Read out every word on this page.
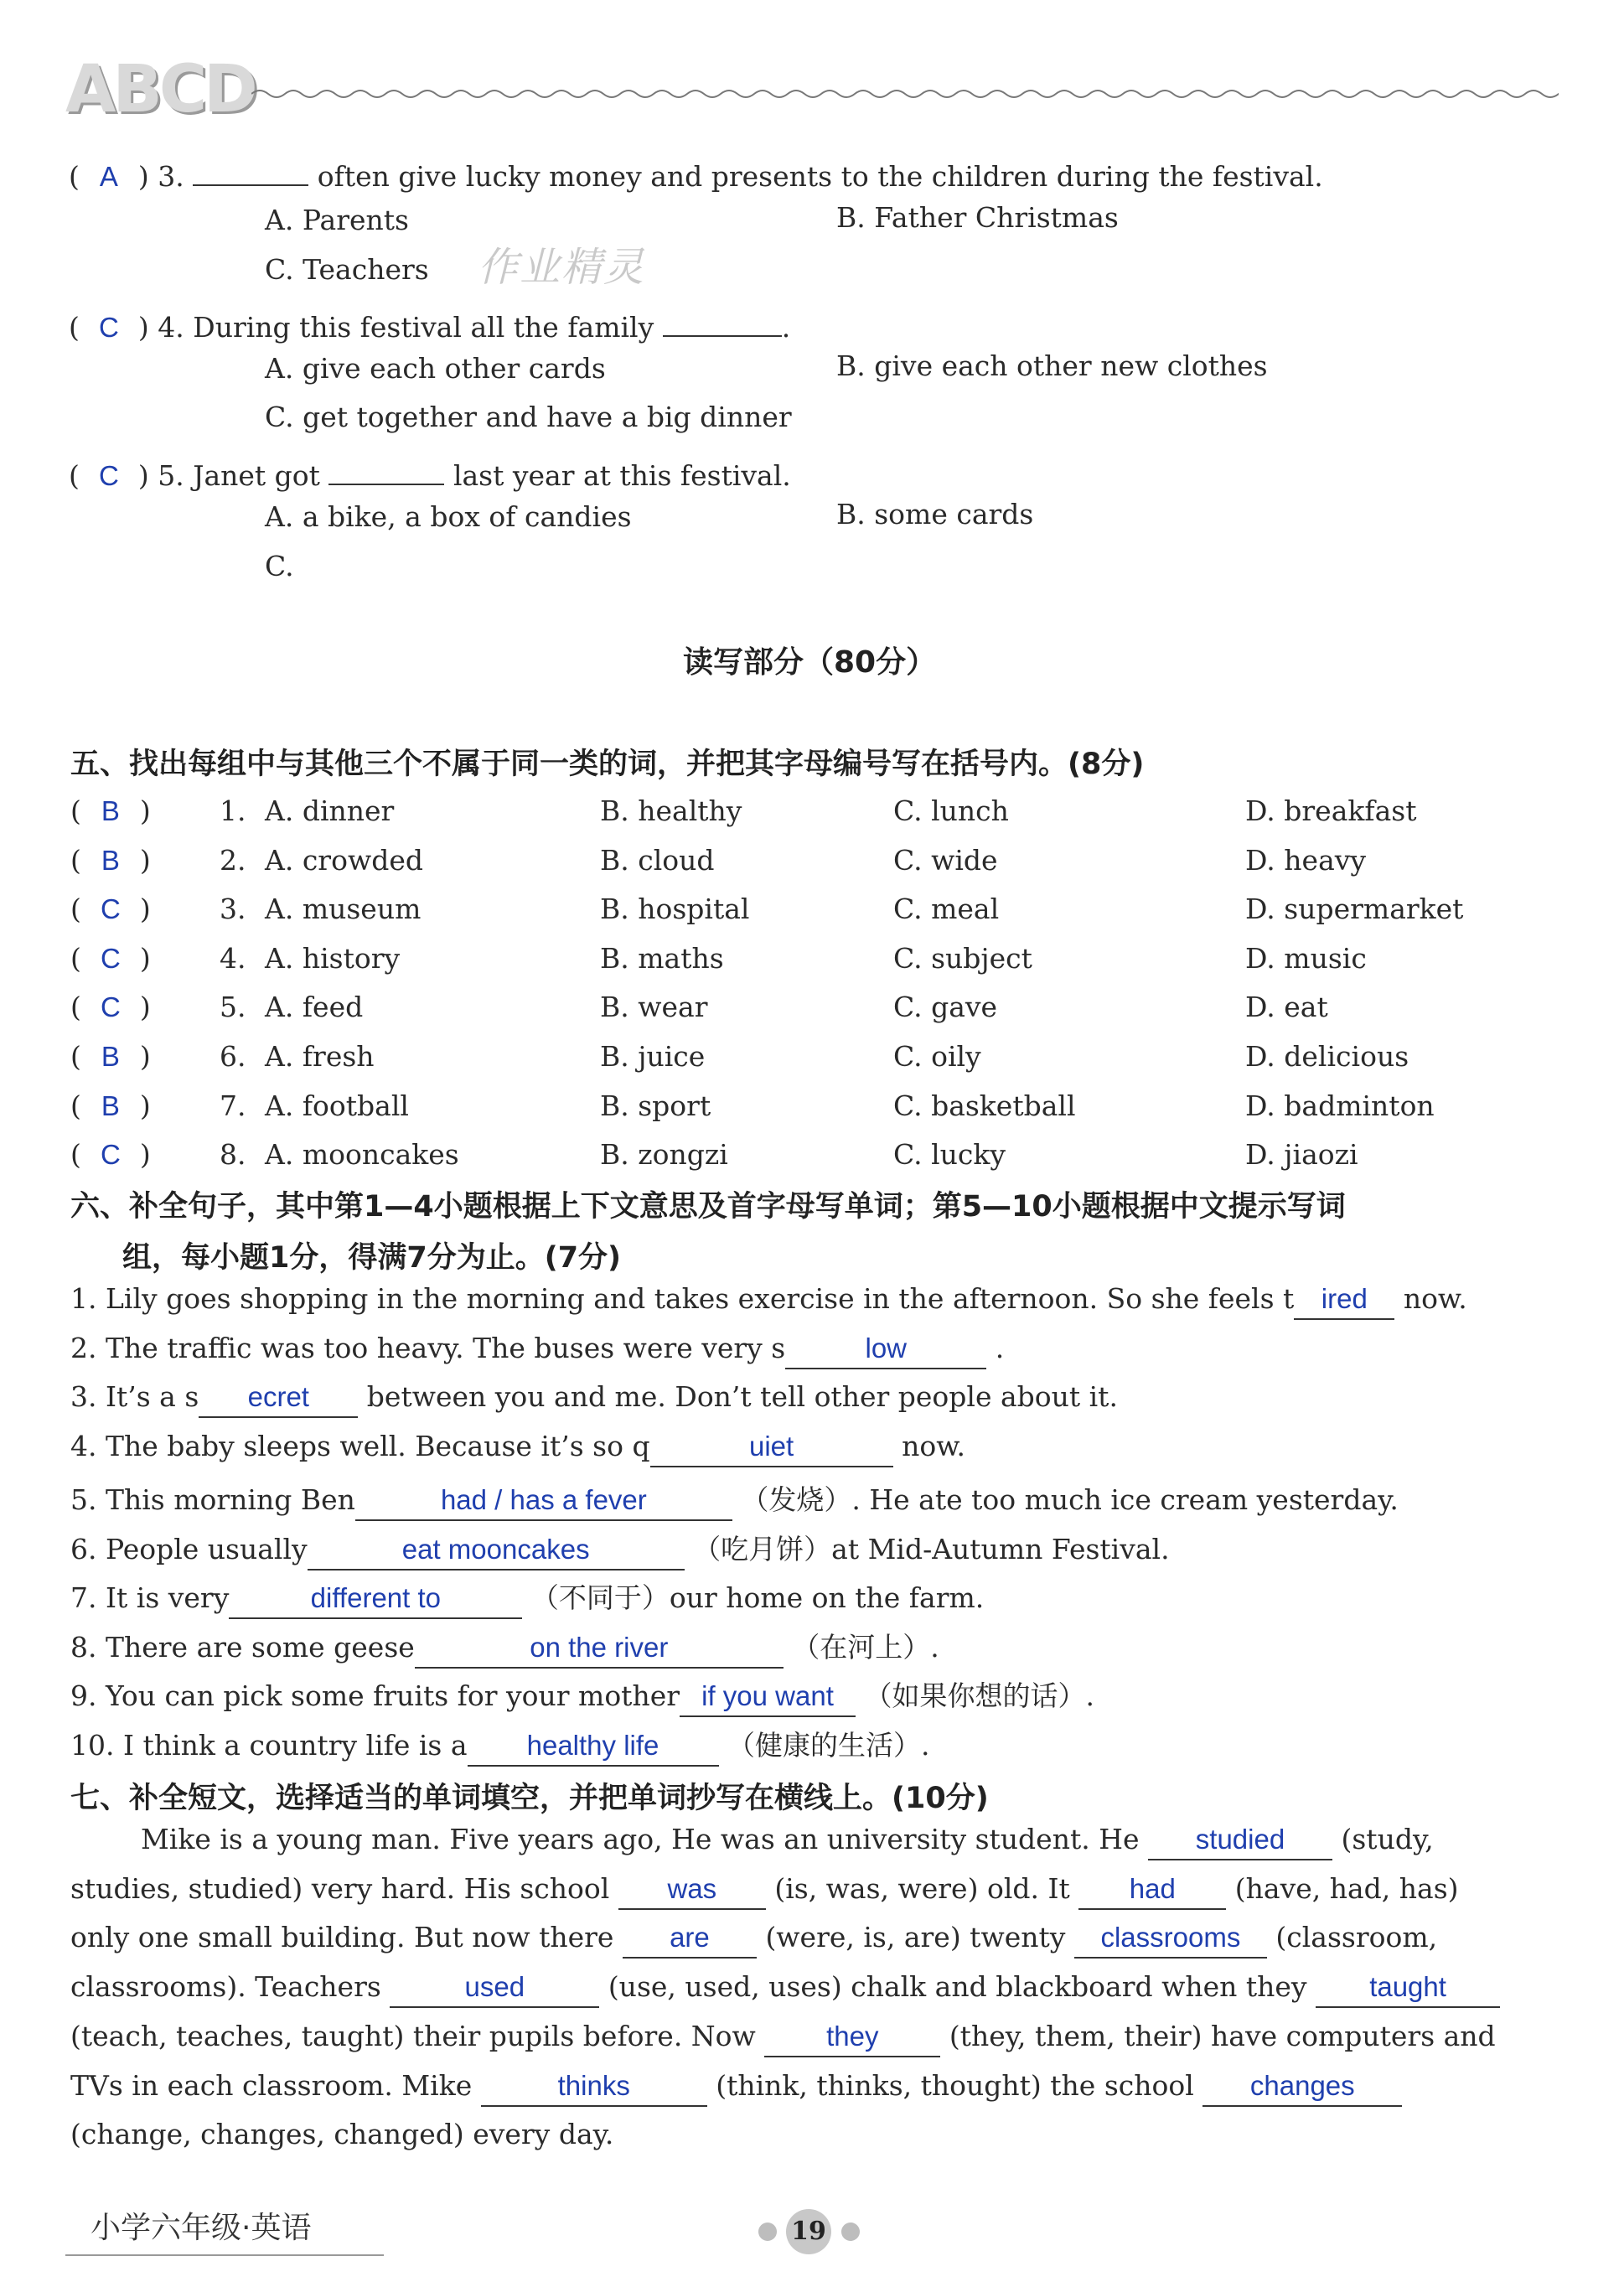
ABCD
( A ) 3.	often give lucky money and presents to the children during the festival.
A. Parents	B. Father Christmas
C. Teachers
( C ) 4. During this festival all the family	.
A. give each other cards	B. give each other new clothes
C. get together and have a big dinner
( C ) 5. Janet got	last year at this festival.
A. a bike, a box of candies	B. some cards
C.
作业精灵
读写部分（80分）
五、找出每组中与其他三个不属于同一类的词，并把其字母编号写在括号内。(8分)
( B ) 1. A. dinner	B. healthy	C. lunch	D. breakfast
( B ) 2. A. crowded	B. cloud	C. wide	D. heavy
( C ) 3. A. museum	B. hospital	C. meal	D. supermarket
( C ) 4. A. history	B. maths	C. subject	D. music
( C ) 5. A. feed	B. wear	C. gave	D. eat
( B ) 6. A. fresh	B. juice	C. oily	D. delicious
( B ) 7. A. football	B. sport	C. basketball	D. badminton
( C ) 8. A. mooncakes	B. zongzi	C. lucky	D. jiaozi
六、补全句子，其中第1—4小题根据上下文意思及首字母写单词；第5—10小题根据中文提示写词
组，每小题1分，得满7分为止。(7分)
1. Lily goes shopping in the morning and takes exercise in the afternoon. So she feels t ired now.
2. The traffic was too heavy. The buses were very s	low	.
3. It’s a s ecret between you and me. Don’t tell other people about it.
4. The baby sleeps well. Because it’s so q	uiet	now.
5. This morning Ben	had / has a fever	（发烧）. He ate too much ice cream yesterday.
6. People usually	eat mooncakes	（吃月饼）at Mid-Autumn Festival.
7. It is very	different to	（不同于）our home on the farm.
8. There are some geese	on the river	（在河上）.
9. You can pick some fruits for your mother if you want （如果你想的话）.
10. I think a country life is a healthy life （健康的生活）.
七、补全短文，选择适当的单词填空，并把单词抄写在横线上。(10分)
Mike is a young man. Five years ago, He was an university student. He studied (study,
studies, studied) very hard. His school was (is, was, were) old. It had (have, had, has)
only one small building. But now there are (were, is, are) twenty classrooms (classroom,
classrooms). Teachers	used	(use, used, uses) chalk and blackboard when they taught
(teach, teaches, taught) their pupils before. Now	they	(they, them, their) have computers and
TVs in each classroom. Mike	thinks	(think, thinks, thought) the school changes
(change, changes, changed) every day.
小学六年级·英语	19
